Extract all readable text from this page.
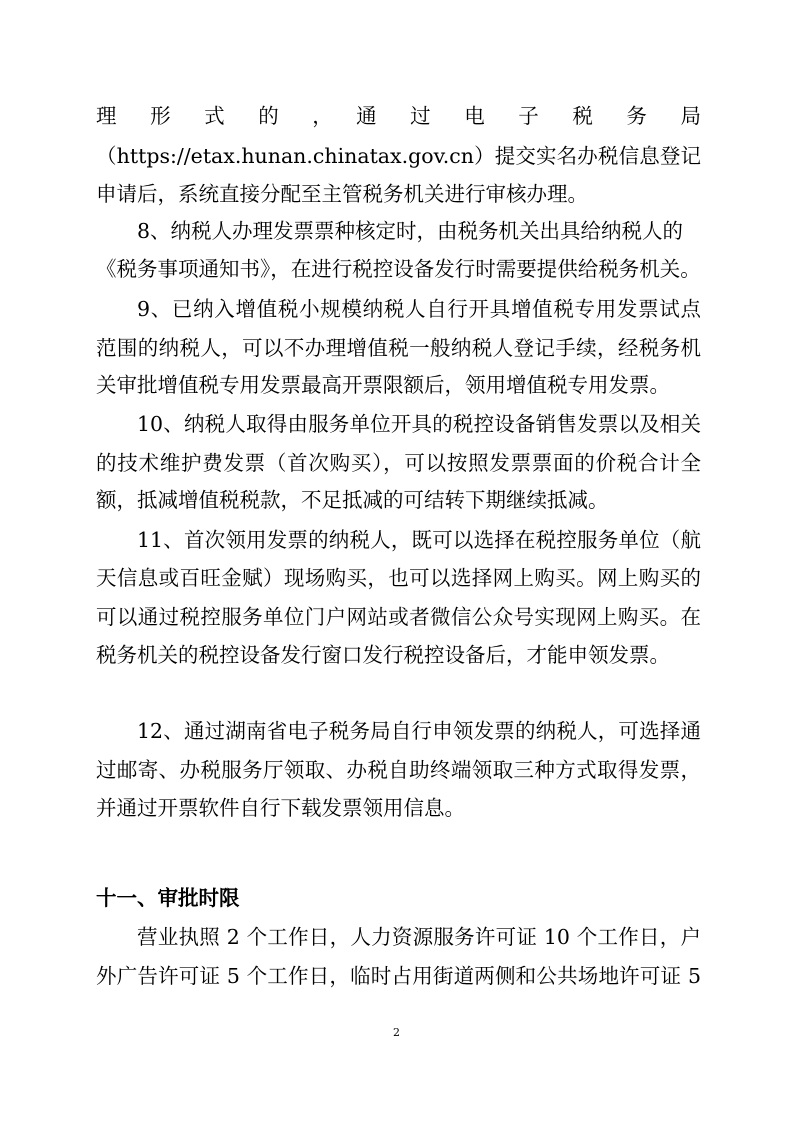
理　形　式　的　，　通　过　电　子　税　务　局
（https://etax.hunan.chinatax.gov.cn）提交实名办税信息登记
申请后，系统直接分配至主管税务机关进行审核办理。
8、纳税人办理发票票种核定时，由税务机关出具给纳税人的
《税务事项通知书》，在进行税控设备发行时需要提供给税务机关。
9、已纳入增值税小规模纳税人自行开具增值税专用发票试点
范围的纳税人，可以不办理增值税一般纳税人登记手续，经税务机
关审批增值税专用发票最高开票限额后，领用增值税专用发票。
10、纳税人取得由服务单位开具的税控设备销售发票以及相关
的技术维护费发票（首次购买），可以按照发票票面的价税合计全
额，抵减增值税税款，不足抵减的可结转下期继续抵减。
11、首次领用发票的纳税人，既可以选择在税控服务单位（航
天信息或百旺金赋）现场购买，也可以选择网上购买。网上购买的
可以通过税控服务单位门户网站或者微信公众号实现网上购买。在
税务机关的税控设备发行窗口发行税控设备后，才能申领发票。
12、通过湖南省电子税务局自行申领发票的纳税人，可选择通
过邮寄、办税服务厅领取、办税自助终端领取三种方式取得发票，
并通过开票软件自行下载发票领用信息。
十一、审批时限
营业执照 2 个工作日，人力资源服务许可证 10 个工作日，户
外广告许可证 5 个工作日，临时占用街道两侧和公共场地许可证 5
2
